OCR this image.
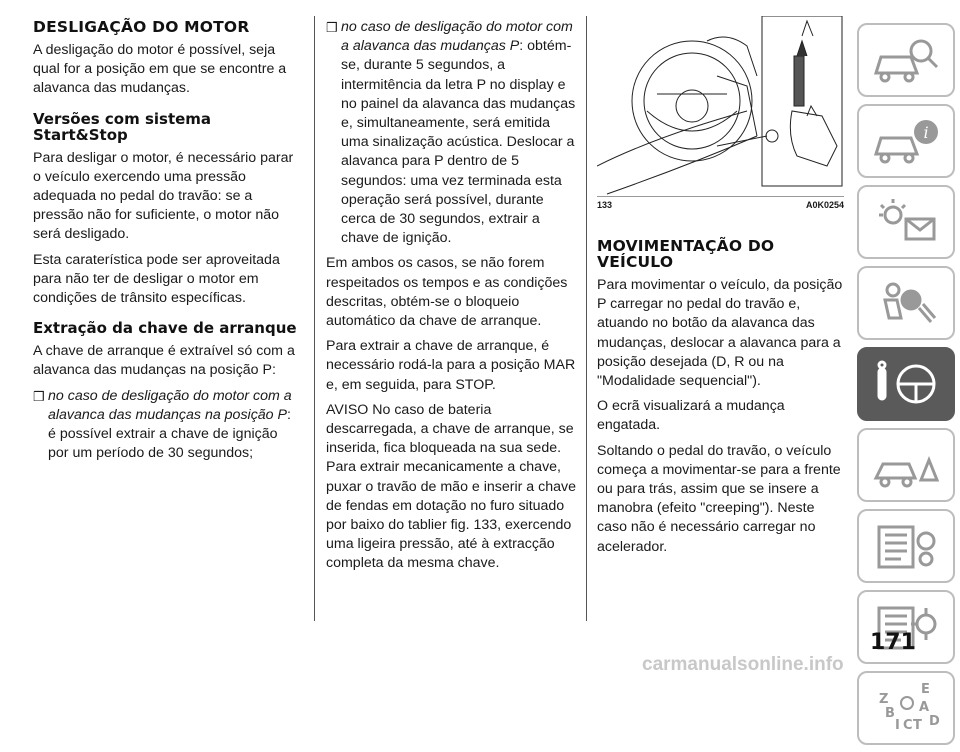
DESLIGAÇÃO DO MOTOR

A desligação do motor é possível, seja qual for a posição em que se encontre a alavanca das mudanças.

Versões com sistema Start&Stop

Para desligar o motor, é necessário parar o veículo exercendo uma pressão adequada no pedal do travão: se a pressão não for suficiente, o motor não será desligado.

Esta caraterística pode ser aproveitada para não ter de desligar o motor em condições de trânsito específicas.

Extração da chave de arranque

A chave de arranque é extraível só com a alavanca das mudanças na posição P:

❒ no caso de desligação do motor com a alavanca das mudanças na posição P: é possível extrair a chave de ignição por um período de 30 segundos;
❒ no caso de desligação do motor com a alavanca das mudanças P: obtém-se, durante 5 segundos, a intermitência da letra P no display e no painel da alavanca das mudanças e, simultaneamente, será emitida uma sinalização acústica. Deslocar a alavanca para P dentro de 5 segundos: uma vez terminada esta operação será possível, durante cerca de 30 segundos, extrair a chave de ignição.

Em ambos os casos, se não forem respeitados os tempos e as condições descritas, obtém-se o bloqueio automático da chave de arranque.

Para extrair a chave de arranque, é necessário rodá-la para a posição MAR e, em seguida, para STOP.

AVISO No caso de bateria descarregada, a chave de arranque, se inserida, fica bloqueada na sua sede. Para extrair mecanicamente a chave, puxar o travão de mão e inserir a chave de fendas em dotação no furo situado por baixo do tablier fig. 133, exercendo uma ligeira pressão, até à extracção completa da mesma chave.

133	A0K0254
MOVIMENTAÇÃO DO VEÍCULO

Para movimentar o veículo, da posição P carregar no pedal do travão e, atuando no botão da alavanca das mudanças, deslocar a alavanca para a posição desejada (D, R ou na "Modalidade sequencial").

O ecrã visualizará a mudança engatada.

Soltando o pedal do travão, o veículo começa a movimentar-se para a frente ou para trás, assim que se insere a manobra (efeito "creeping"). Neste caso não é necessário carregar no acelerador.

i
Z
E
A
B
I C T D
171
carmanualsonline.info
